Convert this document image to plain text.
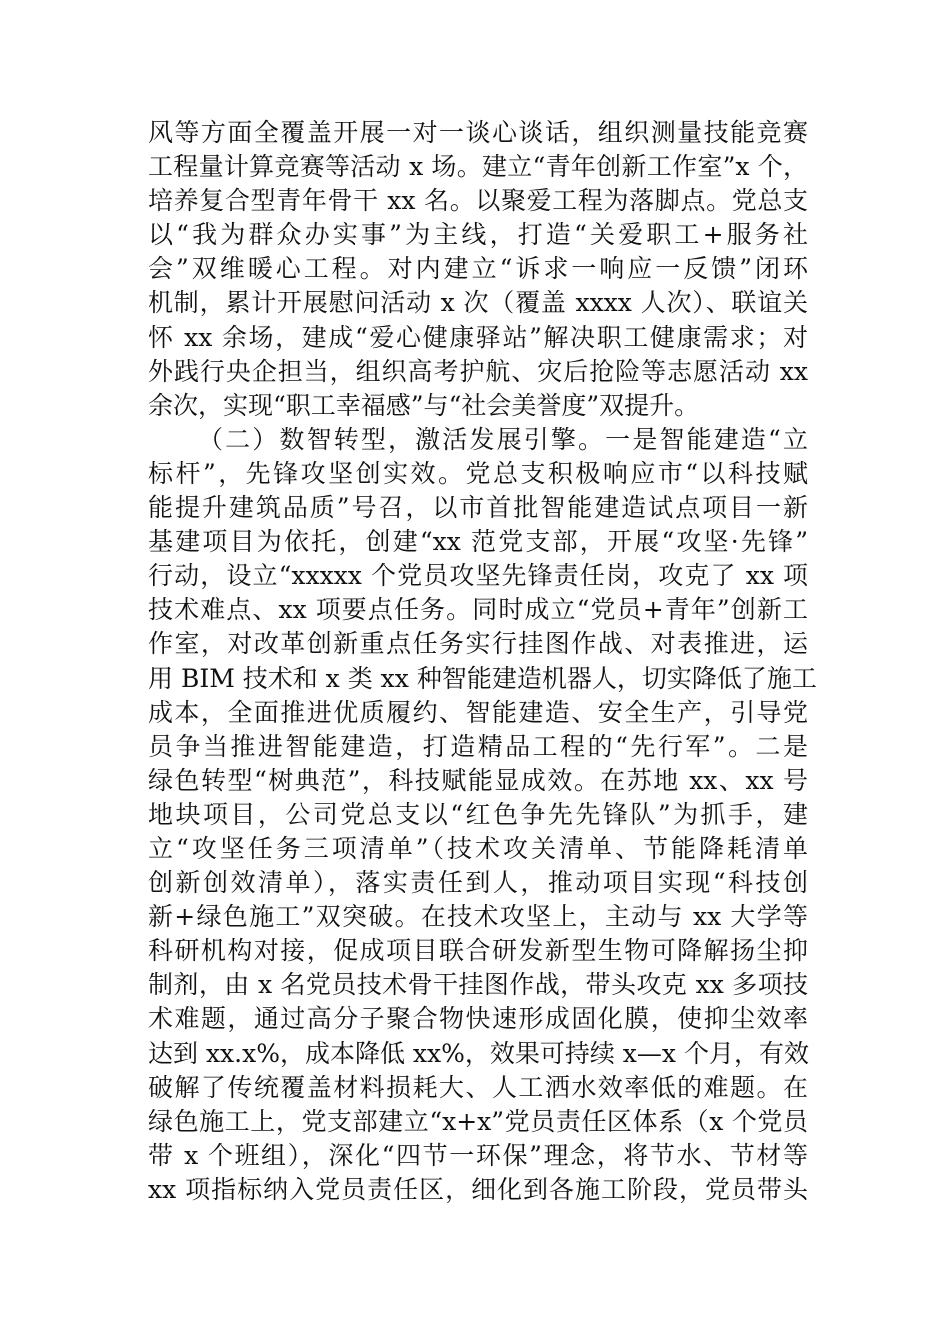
风等方面全覆盖开展一对一谈心谈话，组织测量技能竞赛
工程量计算竞赛等活动 x 场。建立“青年创新工作室”x 个，
培养复合型青年骨干 xx 名。以聚爱工程为落脚点。党总支
以“我为群众办实事”为主线，打造“关爱职工+服务社
会”双维暖心工程。对内建立“诉求一响应一反馈”闭环
机制，累计开展慰问活动 x 次（覆盖 xxxx 人次）、联谊关
怀 xx 余场，建成“爱心健康驿站”解决职工健康需求；对
外践行央企担当，组织高考护航、灾后抢险等志愿活动 xx
余次，实现“职工幸福感”与“社会美誉度”双提升。
（二）数智转型，激活发展引擎。一是智能建造“立
标杆”，先锋攻坚创实效。党总支积极响应市“以科技赋
能提升建筑品质”号召，以市首批智能建造试点项目一新
基建项目为依托，创建“xx 范党支部，开展“攻坚·先锋”
行动，设立“xxxxx 个党员攻坚先锋责任岗，攻克了 xx 项
技术难点、xx 项要点任务。同时成立“党员+青年”创新工
作室，对改革创新重点任务实行挂图作战、对表推进，运
用 BIM 技术和 x 类 xx 种智能建造机器人，切实降低了施工
成本，全面推进优质履约、智能建造、安全生产，引导党
员争当推进智能建造，打造精品工程的“先行军”。二是
绿色转型“树典范”，科技赋能显成效。在苏地 xx、xx 号
地块项目，公司党总支以“红色争先先锋队”为抓手，建
立“攻坚任务三项清单”（技术攻关清单、节能降耗清单
创新创效清单），落实责任到人，推动项目实现“科技创
新+绿色施工”双突破。在技术攻坚上，主动与 xx 大学等
科研机构对接，促成项目联合研发新型生物可降解扬尘抑
制剂，由 x 名党员技术骨干挂图作战，带头攻克 xx 多项技
术难题，通过高分子聚合物快速形成固化膜，使抑尘效率
达到 xx.x%，成本降低 xx%，效果可持续 x—x 个月，有效
破解了传统覆盖材料损耗大、人工洒水效率低的难题。在
绿色施工上，党支部建立“x+x”党员责任区体系（x 个党员
带 x 个班组），深化“四节一环保”理念，将节水、节材等
xx 项指标纳入党员责任区，细化到各施工阶段，党员带头
